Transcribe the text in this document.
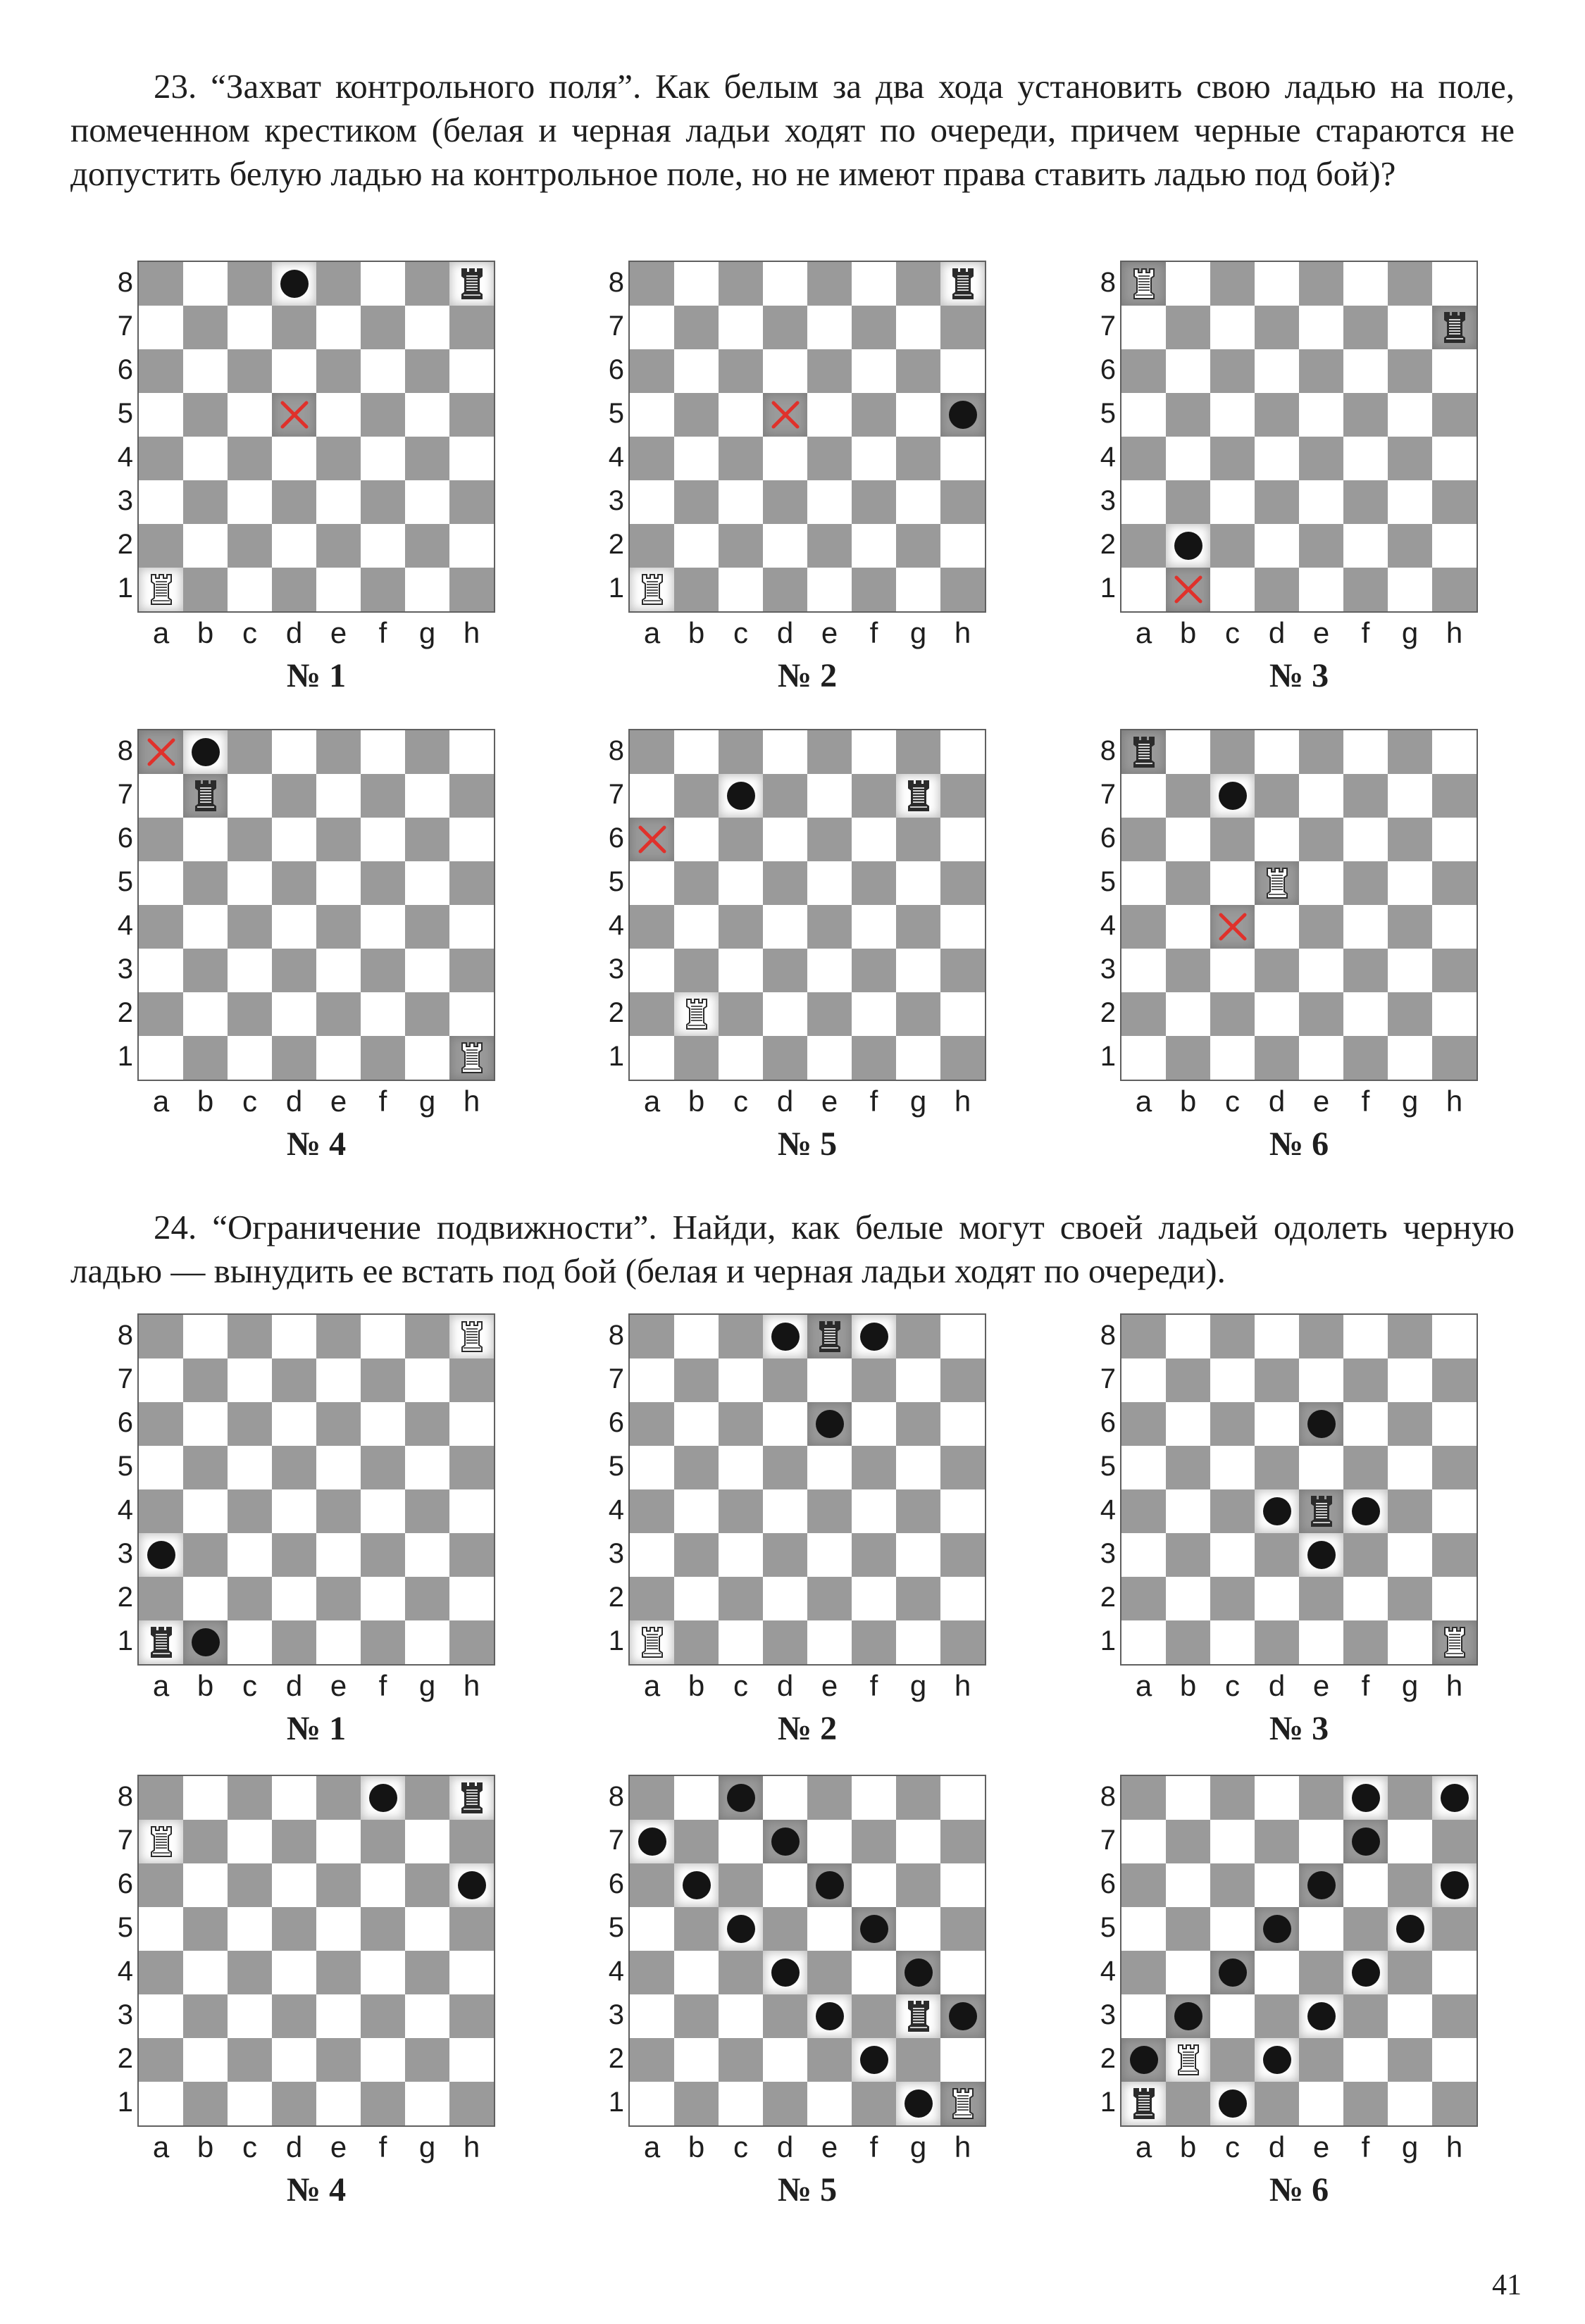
23. “Захват контрольного поля”. Как белым за два хода установить свою ладью на поле, помеченном крестиком (белая и черная ладьи ходят по очереди, причем черные стараются не допустить белую ладью на контрольное поле, но не имеют права ставить ладью под бой)?

24. “Ограничение подвижности”. Найди, как белые могут своей ладьей одолеть черную ладью — вынудить ее встать под бой (белая и черная ладьи ходят по очереди).

8
7
6
5
4
3
2
1
a b c d e	f	g h
№ 1
8
7
6
5
4
3
2
1
a b c d e	f	g h
№ 2
8
7
6
5
4
3
2
1
a b c d e	f	g h
№ 3
8
7
6
5
4
3
2
1
a b c d e	f	g h
№ 4
8
7
6
5
4
3
2
1
a b c d e	f	g h
№ 5
8
7
6
5
4
3
2
1
a b c d e	f	g h
№ 6
8
7
6
5
4
3
2
1
a b c d e	f	g h
№ 1
8
7
6
5
4
3
2
1
a b c d e	f	g h
№ 2
8
7
6
5
4
3
2
1
a b c d e	f	g h
№ 3
8
7
6
5
4
3
2
1
a b c d e	f	g h
№ 4
8
7
6
5
4
3
2
1
a b c d e	f	g h
№ 5
8
7
6
5
4
3
2
1
a b c d e	f	g h
№ 6
41
